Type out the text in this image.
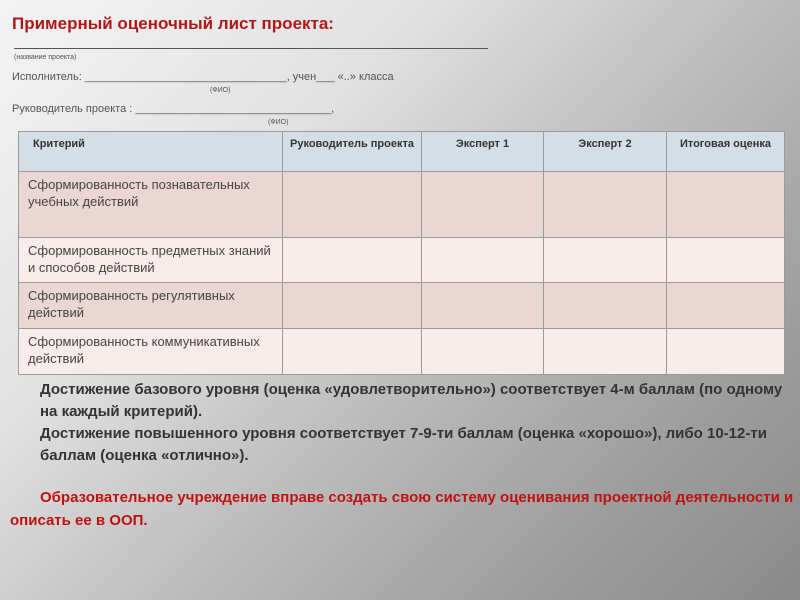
Примерный оценочный лист проекта:
(название проекта)
Исполнитель: _________________________________, учен___ «..» класса
(ФИО)
Руководитель проекта : ________________________________,
(ФИО)
Критерий	Руководитель проекта	Эксперт 1	Эксперт 2	Итоговая оценка
Сформированность познавательных учебных действий				
Сформированность предметных знаний и способов действий				
Сформированность регулятивных действий				
Сформированность коммуникативных действий				

Достижение базового уровня (оценка «удовлетворительно») соответствует 4-м баллам (по одному на каждый критерий).

Достижение повышенного уровня соответствует 7-9-ти баллам (оценка «хорошо»), либо 10-12-ти баллам (оценка «отлично»).

Образовательное учреждение вправе создать свою систему оценивания проектной деятельности и описать ее в ООП.
